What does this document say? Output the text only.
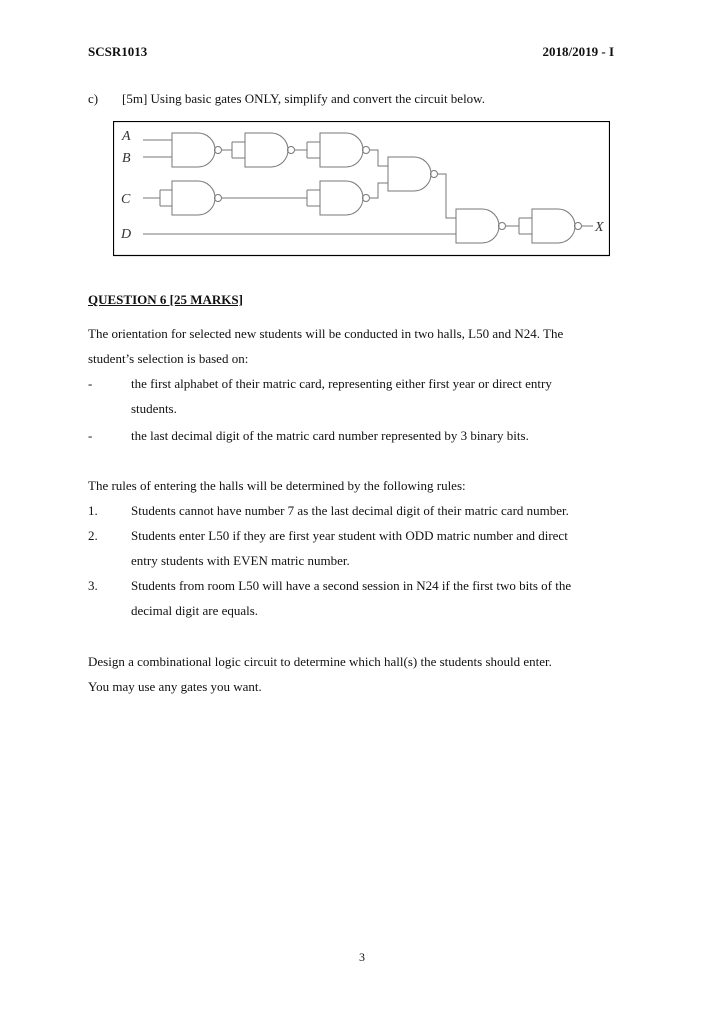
SCSR1013	2018/2019 - I
c) [5m] Using basic gates ONLY, simplify and convert the circuit below.
A
B
C
D	X
QUESTION 6 [25 MARKS]
The orientation for selected new students will be conducted in two halls, L50 and N24. The
student’s selection is based on:
-	the first alphabet of their matric card, representing either first year or direct entry
students.
-	the last decimal digit of the matric card number represented by 3 binary bits.
The rules of entering the halls will be determined by the following rules:
1.	Students cannot have number 7 as the last decimal digit of their matric card number.
2.	Students enter L50 if they are first year student with ODD matric number and direct
entry students with EVEN matric number.
3.	Students from room L50 will have a second session in N24 if the first two bits of the
decimal digit are equals.
Design a combinational logic circuit to determine which hall(s) the students should enter.
You may use any gates you want.
3
